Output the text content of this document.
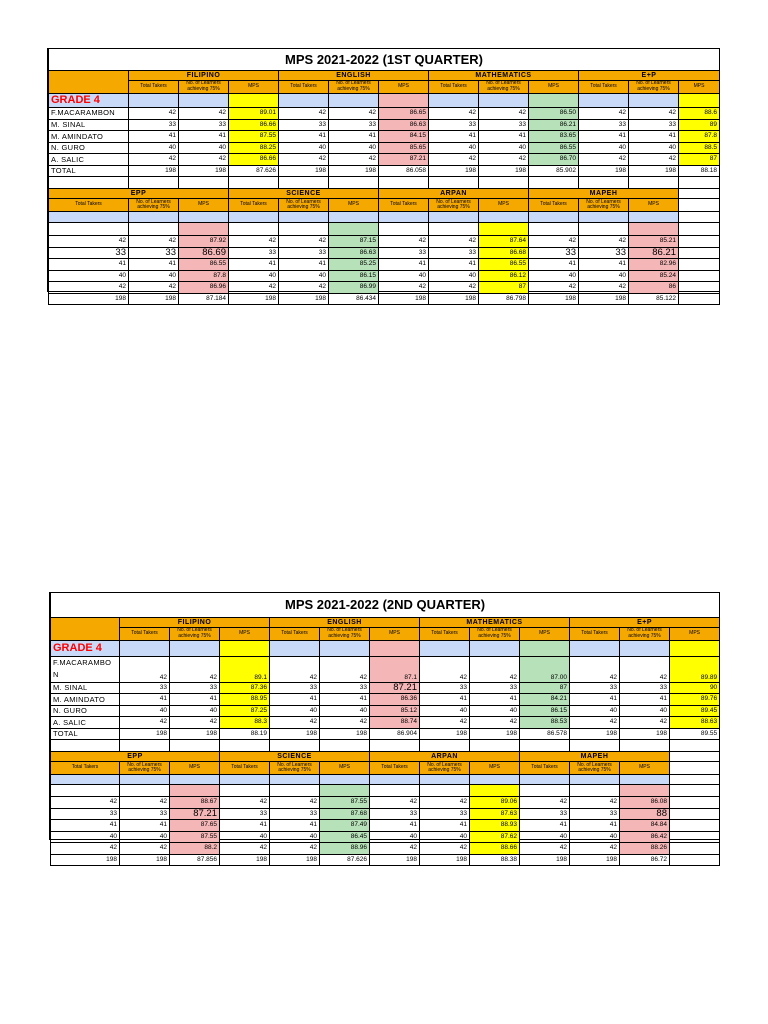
MPS 2021-2022 (1ST QUARTER)												
	FILIPINO			ENGLISH			MATHEMATICS			E+P		
	Total Takers	No. of Learners achieving 75%	MPS	Total Takers	No. of Learners achieving 75%	MPS	Total Takers	No. of Learners achieving 75%	MPS	Total Takers	No. of Learners achieving 75%	MPS
GRADE 4												
F.MACARAMBON	42	42	89.01	42	42	86.65	42	42	86.50	42	42	88.6
M. SINAL	33	33	86.66	33	33	86.63	33	33	86.21	33	33	89
M. AMINDATO	41	41	87.55	41	41	84.15	41	41	83.65	41	41	87.8
N. GURO	40	40	88.25	40	40	85.65	40	40	86.55	40	40	88.5
A. SALIC	42	42	86.66	42	42	87.21	42	42	86.70	42	42	87
TOTAL	198	198	87.626	198	198	86.058	198	198	85.902	198	198	88.18

EPP			SCIENCE			ARPAN			MAPEH			
Total Takers	No. of Learners achieving 75%	MPS	Total Takers	No. of Learners achieving 75%	MPS	Total Takers	No. of Learners achieving 75%	MPS	Total Takers	No. of Learners achieving 75%	MPS	

42	42	87.92	42	42	87.15	42	42	87.64	42	42	85.21	
33	33	86.69	33	33	86.63	33	33	86.68	33	33	86.21	
41	41	86.55	41	41	85.25	41	41	86.55	41	41	82.96	
40	40	87.8	40	40	86.15	40	40	86.12	40	40	85.24	
42	42	86.96	42	42	86.99	42	42	87	42	42	86	
198	198	87.184	198	198	86.434	198	198	86.798	198	198	85.122	
MPS 2021-2022 (2ND QUARTER)												
	FILIPINO			ENGLISH			MATHEMATICS			E+P		
	Total Takers	No. of Learners achieving 75%	MPS	Total Takers	No. of Learners achieving 75%	MPS	Total Takers	No. of Learners achieving 75%	MPS	Total Takers	No. of Learners achieving 75%	MPS
GRADE 4												
F.MACARAMBO N	42	42	89.1	42	42	87.1	42	42	87.00	42	42	89.89
M. SINAL	33	33	87.36	33	33	87.21	33	33	87	33	33	90
M. AMINDATO	41	41	88.95	41	41	86.36	41	41	84.21	41	41	89.76
N. GURO	40	40	87.25	40	40	85.12	40	40	86.15	40	40	89.45
A. SALIC	42	42	88.3	42	42	88.74	42	42	88.53	42	42	88.63
TOTAL	198	198	88.19	198	198	86.904	198	198	86.578	198	198	89.55

EPP			SCIENCE			ARPAN			MAPEH			
Total Takers	No. of Learners achieving 75%	MPS	Total Takers	No. of Learners achieving 75%	MPS	Total Takers	No. of Learners achieving 75%	MPS	Total Takers	No. of Learners achieving 75%	MPS	

42	42	88.67	42	42	87.55	42	42	89.06	42	42	86.08	
33	33	87.21	33	33	87.68	33	33	87.63	33	33	88	
41	41	87.65	41	41	87.49	41	41	88.93	41	41	84.84	
40	40	87.55	40	40	86.45	40	40	87.62	40	40	86.42	
42	42	88.2	42	42	88.96	42	42	88.66	42	42	88.26	
198	198	87.856	198	198	87.626	198	198	88.38	198	198	86.72	
